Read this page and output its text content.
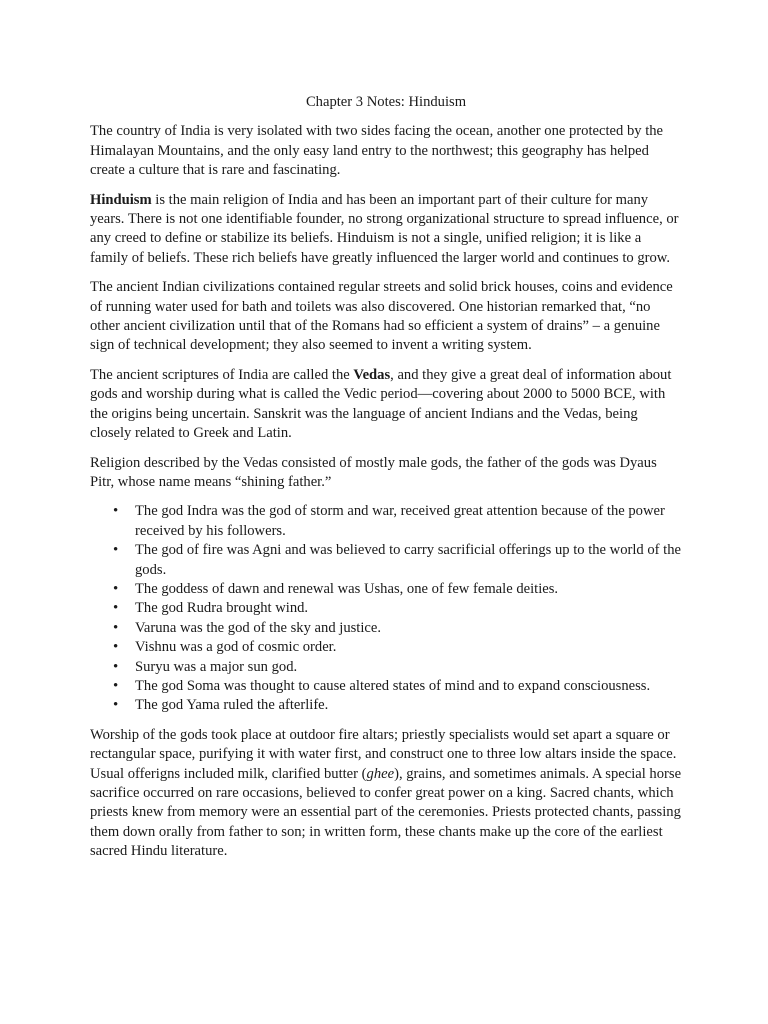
Chapter 3 Notes: Hinduism

The country of India is very isolated with two sides facing the ocean, another one protected by the Himalayan Mountains, and the only easy land entry to the northwest; this geography has helped create a culture that is rare and fascinating.

Hinduism is the main religion of India and has been an important part of their culture for many years. There is not one identifiable founder, no strong organizational structure to spread influence, or any creed to define or stabilize its beliefs. Hinduism is not a single, unified religion; it is like a family of beliefs. These rich beliefs have greatly influenced the larger world and continues to grow.

The ancient Indian civilizations contained regular streets and solid brick houses, coins and evidence of running water used for bath and toilets was also discovered. One historian remarked that, “no other ancient civilization until that of the Romans had so efficient a system of drains” – a genuine sign of technical development; they also seemed to invent a writing system.

The ancient scriptures of India are called the Vedas, and they give a great deal of information about gods and worship during what is called the Vedic period—covering about 2000 to 5000 BCE, with the origins being uncertain. Sanskrit was the language of ancient Indians and the Vedas, being closely related to Greek and Latin.

Religion described by the Vedas consisted of mostly male gods, the father of the gods was Dyaus Pitr, whose name means “shining father.”

• The god Indra was the god of storm and war, received great attention because of the power received by his followers.
• The god of fire was Agni and was believed to carry sacrificial offerings up to the world of the gods.
• The goddess of dawn and renewal was Ushas, one of few female deities.
• The god Rudra brought wind.
• Varuna was the god of the sky and justice.
• Vishnu was a god of cosmic order.
• Suryu was a major sun god.
• The god Soma was thought to cause altered states of mind and to expand consciousness.
• The god Yama ruled the afterlife.

Worship of the gods took place at outdoor fire altars; priestly specialists would set apart a square or rectangular space, purifying it with water first, and construct one to three low altars inside the space. Usual offerigns included milk, clarified butter (ghee), grains, and sometimes animals. A special horse sacrifice occurred on rare occasions, believed to confer great power on a king. Sacred chants, which priests knew from memory were an essential part of the ceremonies. Priests protected chants, passing them down orally from father to son; in written form, these chants make up the core of the earliest sacred Hindu literature.
